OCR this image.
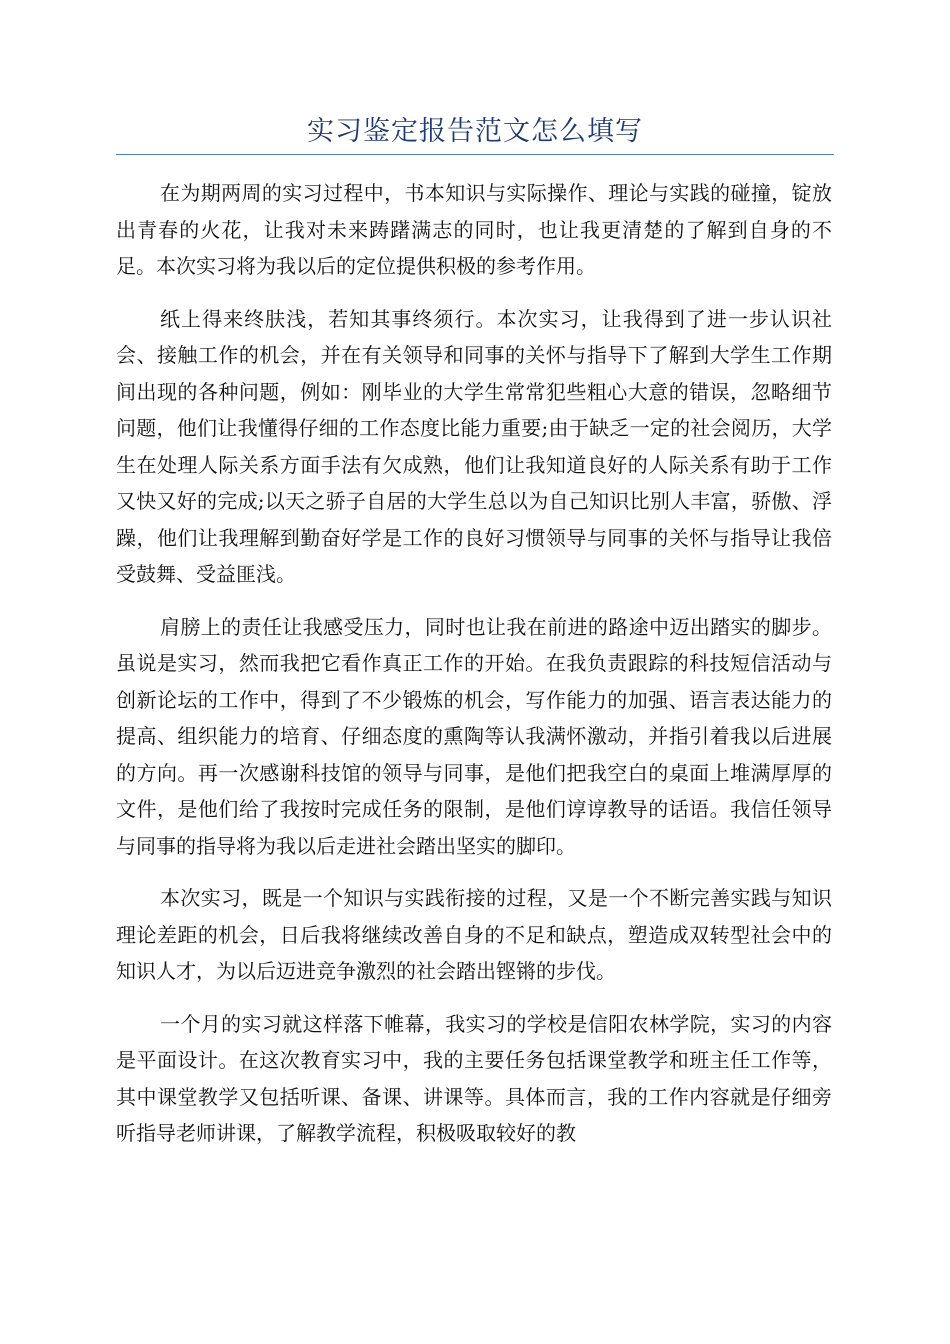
实习鉴定报告范文怎么填写

在为期两周的实习过程中，书本知识与实际操作、理论与实践的碰撞，锭放出青春的火花，让我对未来踌躇满志的同时，也让我更清楚的了解到自身的不足。本次实习将为我以后的定位提供积极的参考作用。

纸上得来终肤浅，若知其事终须行。本次实习，让我得到了进一步认识社会、接触工作的机会，并在有关领导和同事的关怀与指导下了解到大学生工作期间出现的各种问题，例如：刚毕业的大学生常常犯些粗心大意的错误，忽略细节问题，他们让我懂得仔细的工作态度比能力重要;由于缺乏一定的社会阅历，大学生在处理人际关系方面手法有欠成熟，他们让我知道良好的人际关系有助于工作又快又好的完成;以天之骄子自居的大学生总以为自己知识比别人丰富，骄傲、浮躁，他们让我理解到勤奋好学是工作的良好习惯领导与同事的关怀与指导让我倍受鼓舞、受益匪浅。

肩膀上的责任让我感受压力，同时也让我在前进的路途中迈出踏实的脚步。虽说是实习，然而我把它看作真正工作的开始。在我负责跟踪的科技短信活动与创新论坛的工作中，得到了不少锻炼的机会，写作能力的加强、语言表达能力的提高、组织能力的培育、仔细态度的熏陶等认我满怀激动，并指引着我以后进展的方向。再一次感谢科技馆的领导与同事，是他们把我空白的桌面上堆满厚厚的文件，是他们给了我按时完成任务的限制，是他们谆谆教导的话语。我信任领导与同事的指导将为我以后走进社会踏出坚实的脚印。

本次实习，既是一个知识与实践衔接的过程，又是一个不断完善实践与知识理论差距的机会，日后我将继续改善自身的不足和缺点，塑造成双转型社会中的知识人才，为以后迈进竞争激烈的社会踏出铿锵的步伐。

一个月的实习就这样落下帷幕，我实习的学校是信阳农林学院，实习的内容是平面设计。在这次教育实习中，我的主要任务包括课堂教学和班主任工作等，其中课堂教学又包括听课、备课、讲课等。具体而言，我的工作内容就是仔细旁听指导老师讲课，了解教学流程，积极吸取较好的教
